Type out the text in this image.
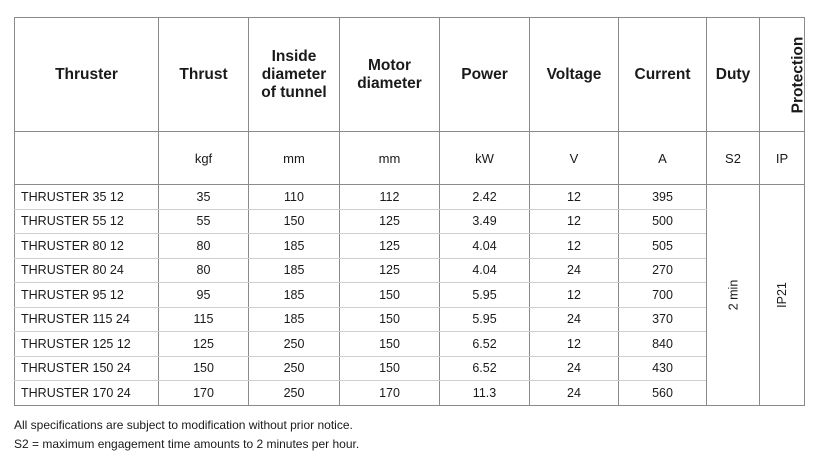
Thruster	Thrust	Inside diameter of tunnel	Motor diameter	Power	Voltage	Current	Duty	Protection
	kgf	mm	mm	kW	V	A	S2	IP
THRUSTER 35 12	35	110	112	2.42	12	395	2 min	IP21
THRUSTER 55 12	55	150	125	3.49	12	500		
THRUSTER 80 12	80	185	125	4.04	12	505		
THRUSTER 80 24	80	185	125	4.04	24	270		
THRUSTER 95 12	95	185	150	5.95	12	700		
THRUSTER 115 24	115	185	150	5.95	24	370		
THRUSTER 125 12	125	250	150	6.52	12	840		
THRUSTER 150 24	150	250	150	6.52	24	430		
THRUSTER 170 24	170	250	170	11.3	24	560		
All specifications are subject to modification without prior notice.
S2 = maximum engagement time amounts to 2 minutes per hour.
